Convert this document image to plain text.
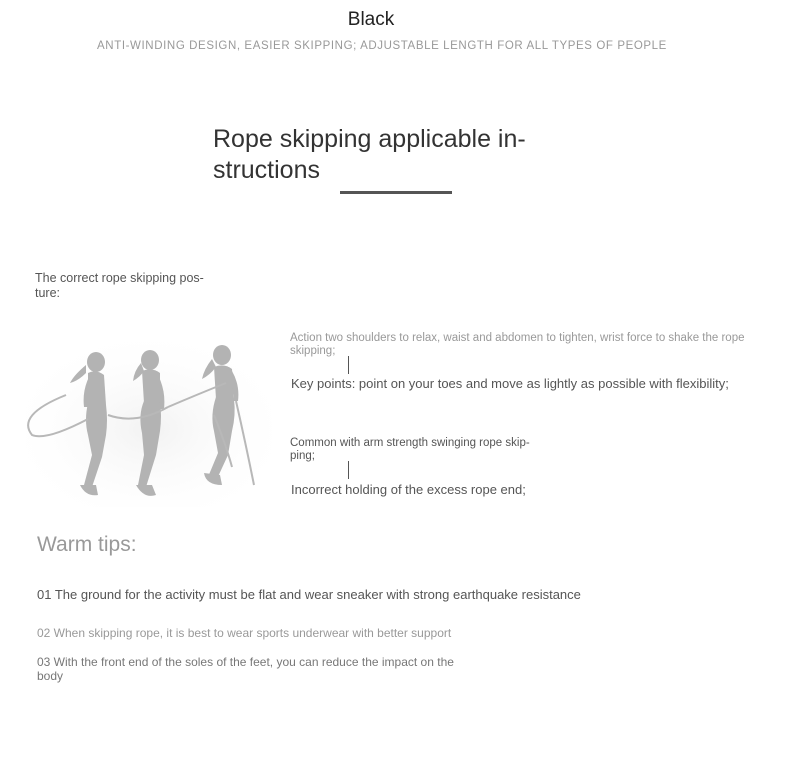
Black
ANTI-WINDING DESIGN, EASIER SKIPPING; ADJUSTABLE LENGTH FOR ALL TYPES OF PEOPLE
Rope skipping applicable in-structions
The correct rope skipping pos-ture:
Action two shoulders to relax, waist and abdomen to tighten, wrist force to shake the rope skipping;
Key points: point on your toes and move as lightly as possible with flexibility;
Common with arm strength swinging rope skip-ping;
Incorrect holding of the excess rope end;
Warm tips:
01 The ground for the activity must be flat and wear sneaker with strong earthquake resistance
02 When skipping rope, it is best to wear sports underwear with better support
03 With the front end of the soles of the feet, you can reduce the impact on the body
